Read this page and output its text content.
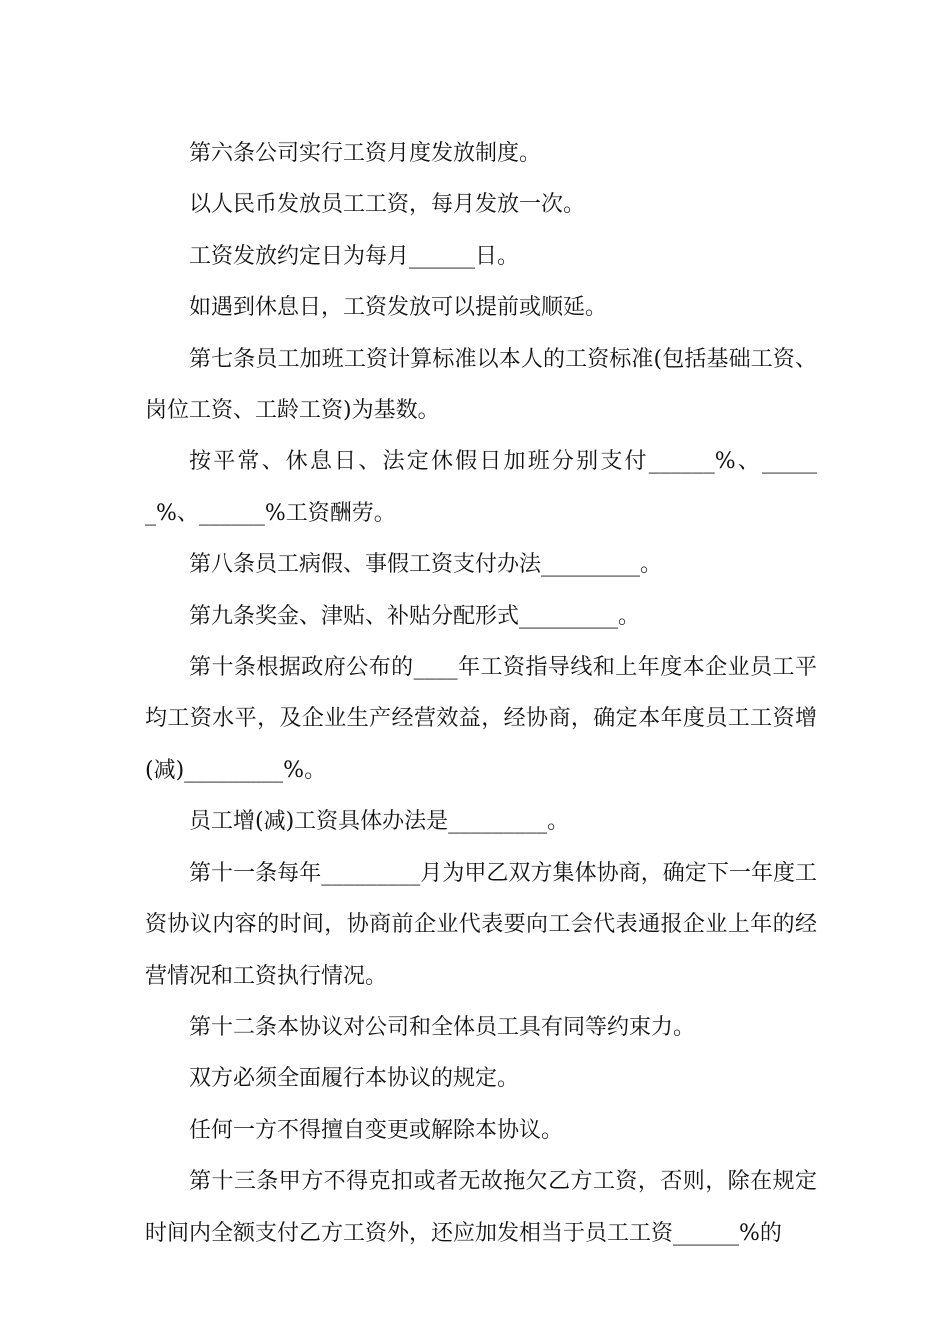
第六条公司实行工资月度发放制度。

以人民币发放员工工资，每月发放一次。

工资发放约定日为每月______日。

如遇到休息日，工资发放可以提前或顺延。

第七条员工加班工资计算标准以本人的工资标准(包括基础工资、岗位工资、工龄工资)为基数。

按平常、休息日、法定休假日加班分别支付______%、______%、______%工资酬劳。

第八条员工病假、事假工资支付办法_________。

第九条奖金、津贴、补贴分配形式_________。

第十条根据政府公布的____年工资指导线和上年度本企业员工平均工资水平，及企业生产经营效益，经协商，确定本年度员工工资增(减)_________%。

员工增(减)工资具体办法是_________。

第十一条每年_________月为甲乙双方集体协商，确定下一年度工资协议内容的时间，协商前企业代表要向工会代表通报企业上年的经营情况和工资执行情况。

第十二条本协议对公司和全体员工具有同等约束力。

双方必须全面履行本协议的规定。

任何一方不得擅自变更或解除本协议。

第十三条甲方不得克扣或者无故拖欠乙方工资，否则，除在规定时间内全额支付乙方工资外，还应加发相当于员工工资______%的
